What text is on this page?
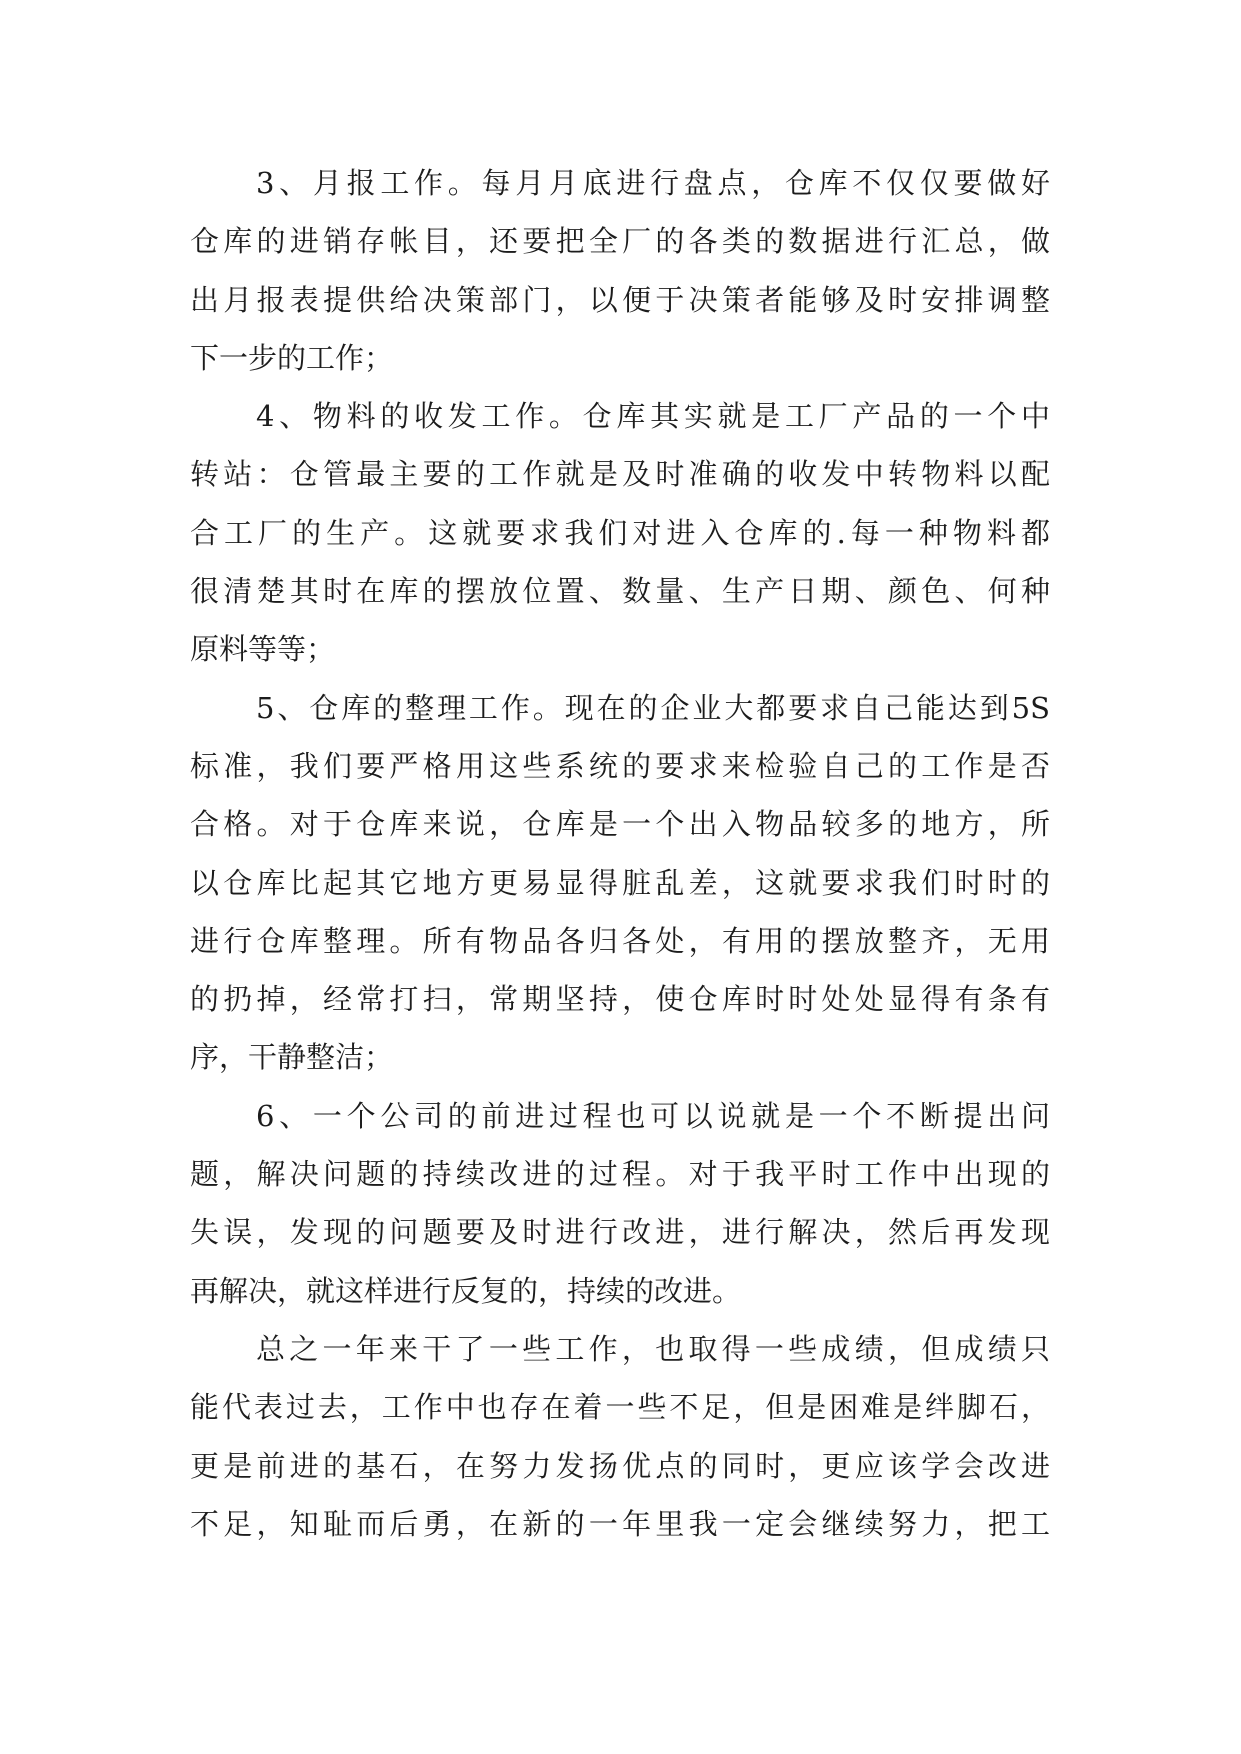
3、月报工作。每月月底进行盘点，仓库不仅仅要做好
仓库的进销存帐目，还要把全厂的各类的数据进行汇总，做
出月报表提供给决策部门，以便于决策者能够及时安排调整
下一步的工作；
4、物料的收发工作。仓库其实就是工厂产品的一个中
转站：仓管最主要的工作就是及时准确的收发中转物料以配
合工厂的生产。这就要求我们对进入仓库的.每一种物料都
很清楚其时在库的摆放位置、数量、生产日期、颜色、何种
原料等等；
5、仓库的整理工作。现在的企业大都要求自己能达到5S
标准，我们要严格用这些系统的要求来检验自己的工作是否
合格。对于仓库来说，仓库是一个出入物品较多的地方，所
以仓库比起其它地方更易显得脏乱差，这就要求我们时时的
进行仓库整理。所有物品各归各处，有用的摆放整齐，无用
的扔掉，经常打扫，常期坚持，使仓库时时处处显得有条有
序，干静整洁；
6、一个公司的前进过程也可以说就是一个不断提出问
题，解决问题的持续改进的过程。对于我平时工作中出现的
失误，发现的问题要及时进行改进，进行解决，然后再发现
再解决，就这样进行反复的，持续的改进。
总之一年来干了一些工作，也取得一些成绩，但成绩只
能代表过去，工作中也存在着一些不足，但是困难是绊脚石，
更是前进的基石，在努力发扬优点的同时，更应该学会改进
不足，知耻而后勇，在新的一年里我一定会继续努力，把工
